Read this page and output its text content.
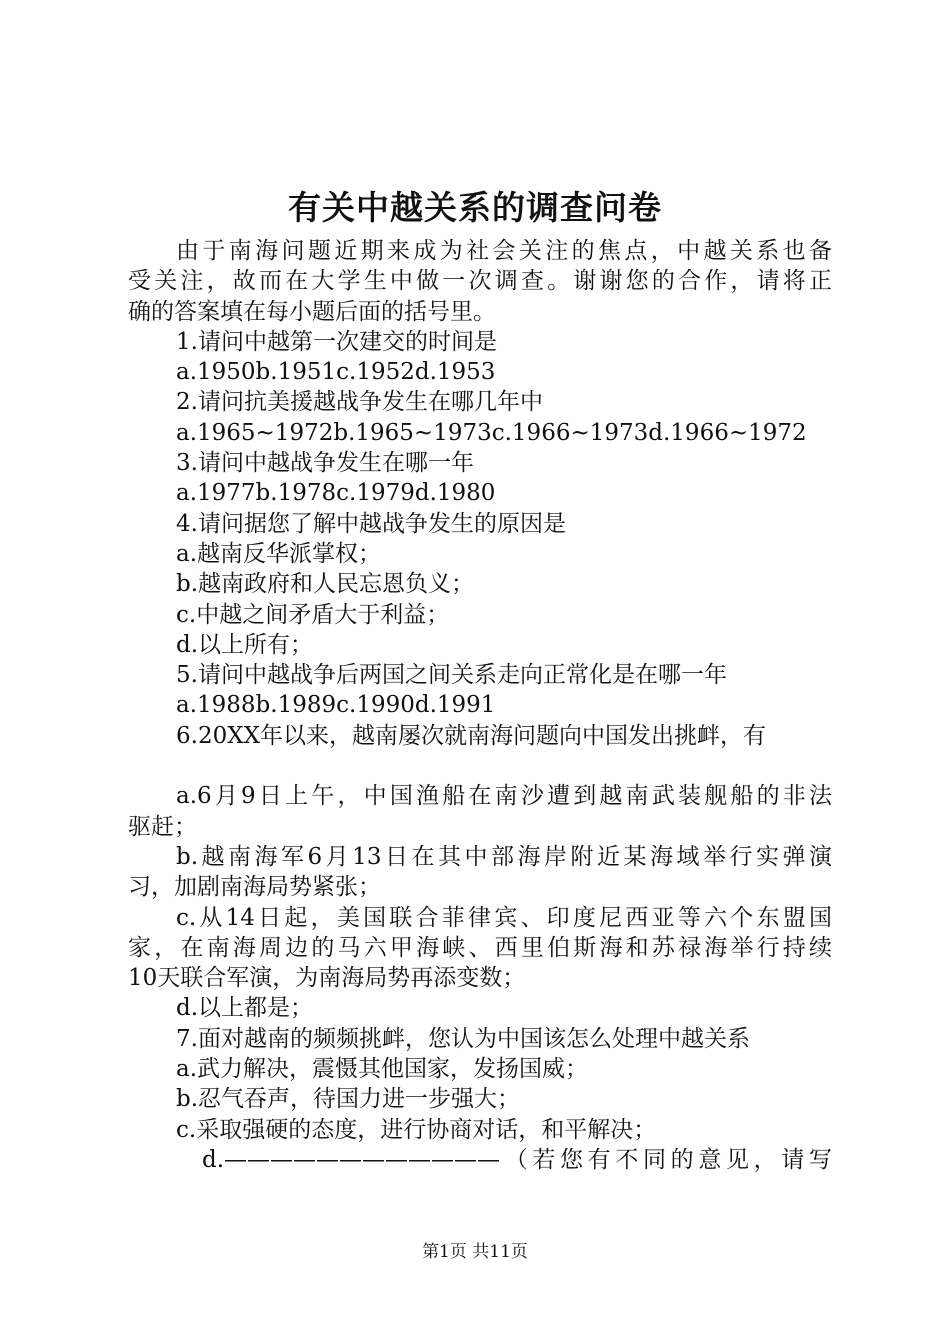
有关中越关系的调查问卷
由于南海问题近期来成为社会关注的焦点，中越关系也备
受关注，故而在大学生中做一次调查。谢谢您的合作，请将正
确的答案填在每小题后面的括号里。
1.请问中越第一次建交的时间是
a.1950b.1951c.1952d.1953
2.请问抗美援越战争发生在哪几年中
a.1965~1972b.1965~1973c.1966~1973d.1966~1972
3.请问中越战争发生在哪一年
a.1977b.1978c.1979d.1980
4.请问据您了解中越战争发生的原因是
a.越南反华派掌权；
b.越南政府和人民忘恩负义；
c.中越之间矛盾大于利益；
d.以上所有；
5.请问中越战争后两国之间关系走向正常化是在哪一年
a.1988b.1989c.1990d.1991
6.20XX年以来，越南屡次就南海问题向中国发出挑衅，有
a.6月9日上午，中国渔船在南沙遭到越南武装舰船的非法
驱赶；
b.越南海军6月13日在其中部海岸附近某海域举行实弹演
习，加剧南海局势紧张；
c.从14日起，美国联合菲律宾、印度尼西亚等六个东盟国
家，在南海周边的马六甲海峡、西里伯斯海和苏禄海举行持续
10天联合军演，为南海局势再添变数；
d.以上都是；
7.面对越南的频频挑衅，您认为中国该怎么处理中越关系
a.武力解决，震慑其他国家，发扬国威；
b.忍气吞声，待国力进一步强大；
c.采取强硬的态度，进行协商对话，和平解决；
d.————————————（若您有不同的意见，请写
第1页 共11页
